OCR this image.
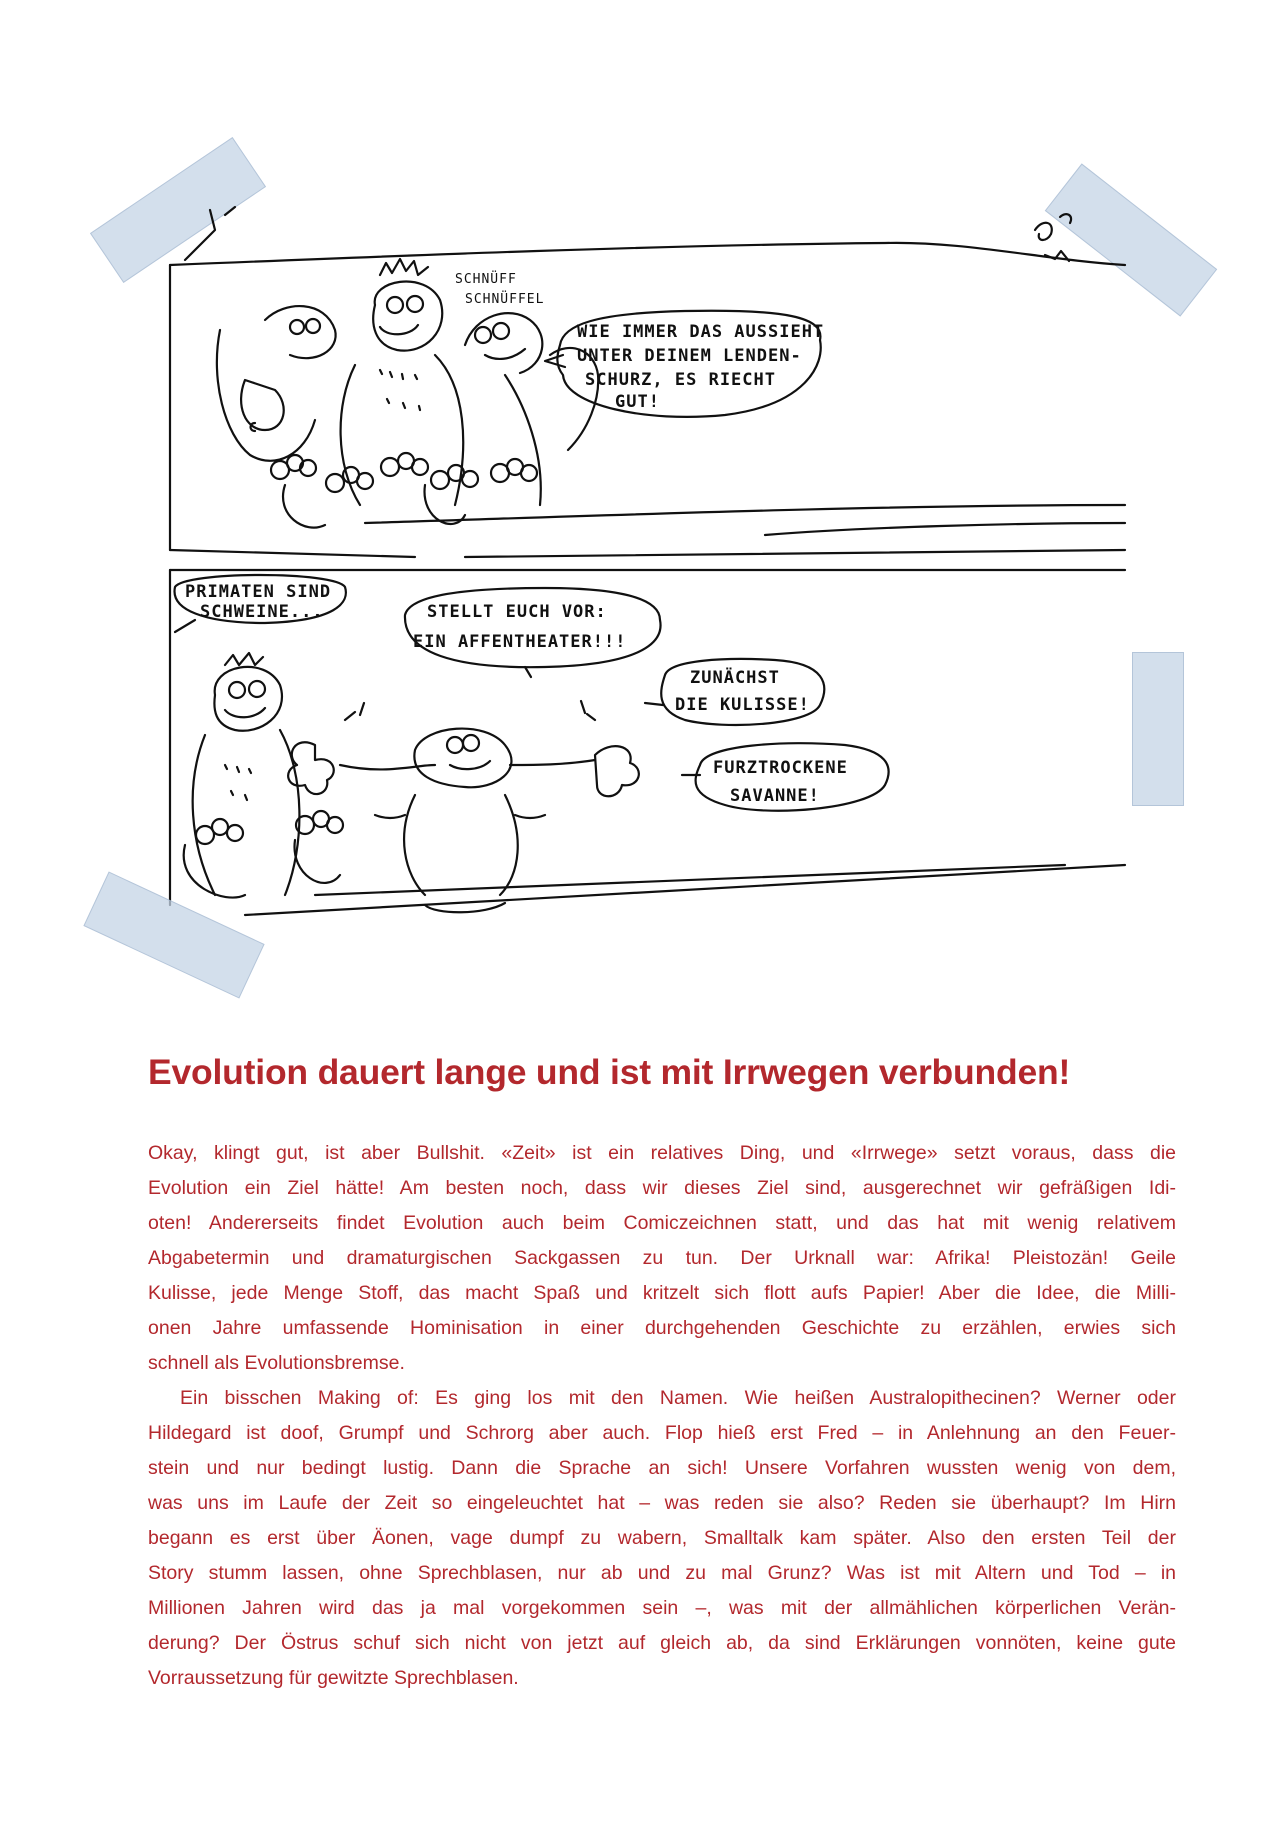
SCHNÜFF
SCHNÜFFEL
WIE IMMER DAS AUSSIEHT
UNTER DEINEM LENDEN-
SCHURZ, ES RIECHT
GUT!
PRIMATEN SIND
SCHWEINE...	STELLT EUCH VOR:
EIN AFFENTHEATER!!!
ZUNÄCHST
DIE KULISSE!
FURZTROCKENE
SAVANNE!
Evolution dauert lange und ist mit Irrwegen verbunden!
Okay, klingt gut, ist aber Bullshit. «Zeit» ist ein relatives Ding, und «Irrwege» setzt voraus, dass die
Evolution ein Ziel hätte! Am besten noch, dass wir dieses Ziel sind, ausgerechnet wir gefräßigen Idi-
oten! Andererseits findet Evolution auch beim Comiczeichnen statt, und das hat mit wenig relativem
Abgabetermin und dramaturgischen Sackgassen zu tun. Der Urknall war: Afrika! Pleistozän! Geile
Kulisse, jede Menge Stoff, das macht Spaß und kritzelt sich flott aufs Papier! Aber die Idee, die Milli-
onen Jahre umfassende Hominisation in einer durchgehenden Geschichte zu erzählen, erwies sich
schnell als Evolutionsbremse.
Ein bisschen Making of: Es ging los mit den Namen. Wie heißen Australopithecinen? Werner oder
Hildegard ist doof, Grumpf und Schrorg aber auch. Flop hieß erst Fred – in Anlehnung an den Feuer-
stein und nur bedingt lustig. Dann die Sprache an sich! Unsere Vorfahren wussten wenig von dem,
was uns im Laufe der Zeit so eingeleuchtet hat – was reden sie also? Reden sie überhaupt? Im Hirn
begann es erst über Äonen, vage dumpf zu wabern, Smalltalk kam später. Also den ersten Teil der
Story stumm lassen, ohne Sprechblasen, nur ab und zu mal Grunz? Was ist mit Altern und Tod – in
Millionen Jahren wird das ja mal vorgekommen sein –, was mit der allmählichen körperlichen Verän-
derung? Der Östrus schuf sich nicht von jetzt auf gleich ab, da sind Erklärungen vonnöten, keine gute
Vorraussetzung für gewitzte Sprechblasen.
